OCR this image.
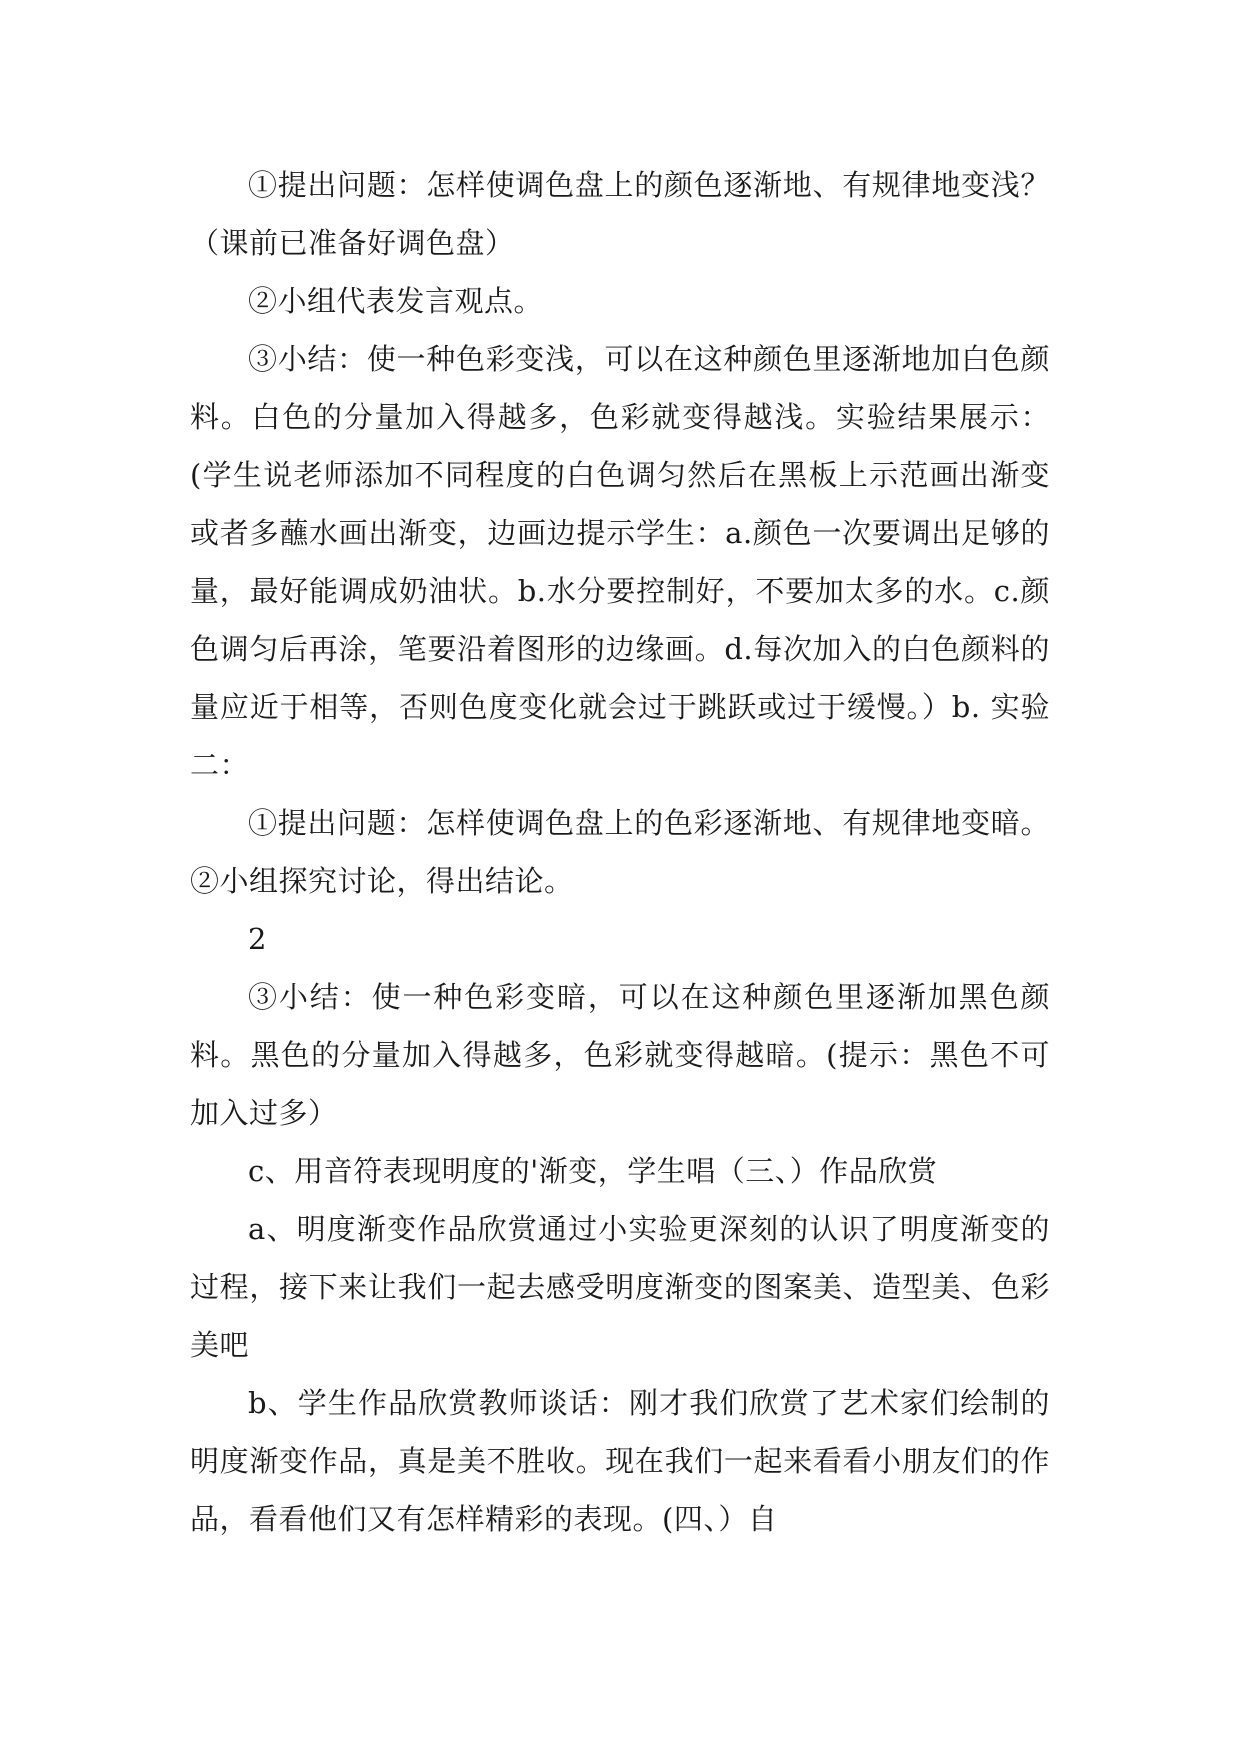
①提出问题：怎样使调色盘上的颜色逐渐地、有规律地变浅？（课前已准备好调色盘）

②小组代表发言观点。

③小结：使一种色彩变浅，可以在这种颜色里逐渐地加白色颜料。白色的分量加入得越多，色彩就变得越浅。实验结果展示：(学生说老师添加不同程度的白色调匀然后在黑板上示范画出渐变或者多蘸水画出渐变，边画边提示学生：a.颜色一次要调出足够的量，最好能调成奶油状。b.水分要控制好，不要加太多的水。c.颜色调匀后再涂，笔要沿着图形的边缘画。d.每次加入的白色颜料的量应近于相等，否则色度变化就会过于跳跃或过于缓慢。）b. 实验二：

①提出问题：怎样使调色盘上的色彩逐渐地、有规律地变暗。②小组探究讨论，得出结论。

2

③小结：使一种色彩变暗，可以在这种颜色里逐渐加黑色颜料。黑色的分量加入得越多，色彩就变得越暗。(提示：黑色不可加入过多）

c、用音符表现明度的'渐变，学生唱（三、）作品欣赏

a、明度渐变作品欣赏通过小实验更深刻的认识了明度渐变的过程，接下来让我们一起去感受明度渐变的图案美、造型美、色彩美吧

b、学生作品欣赏教师谈话：刚才我们欣赏了艺术家们绘制的明度渐变作品，真是美不胜收。现在我们一起来看看小朋友们的作品，看看他们又有怎样精彩的表现。(四、）自
